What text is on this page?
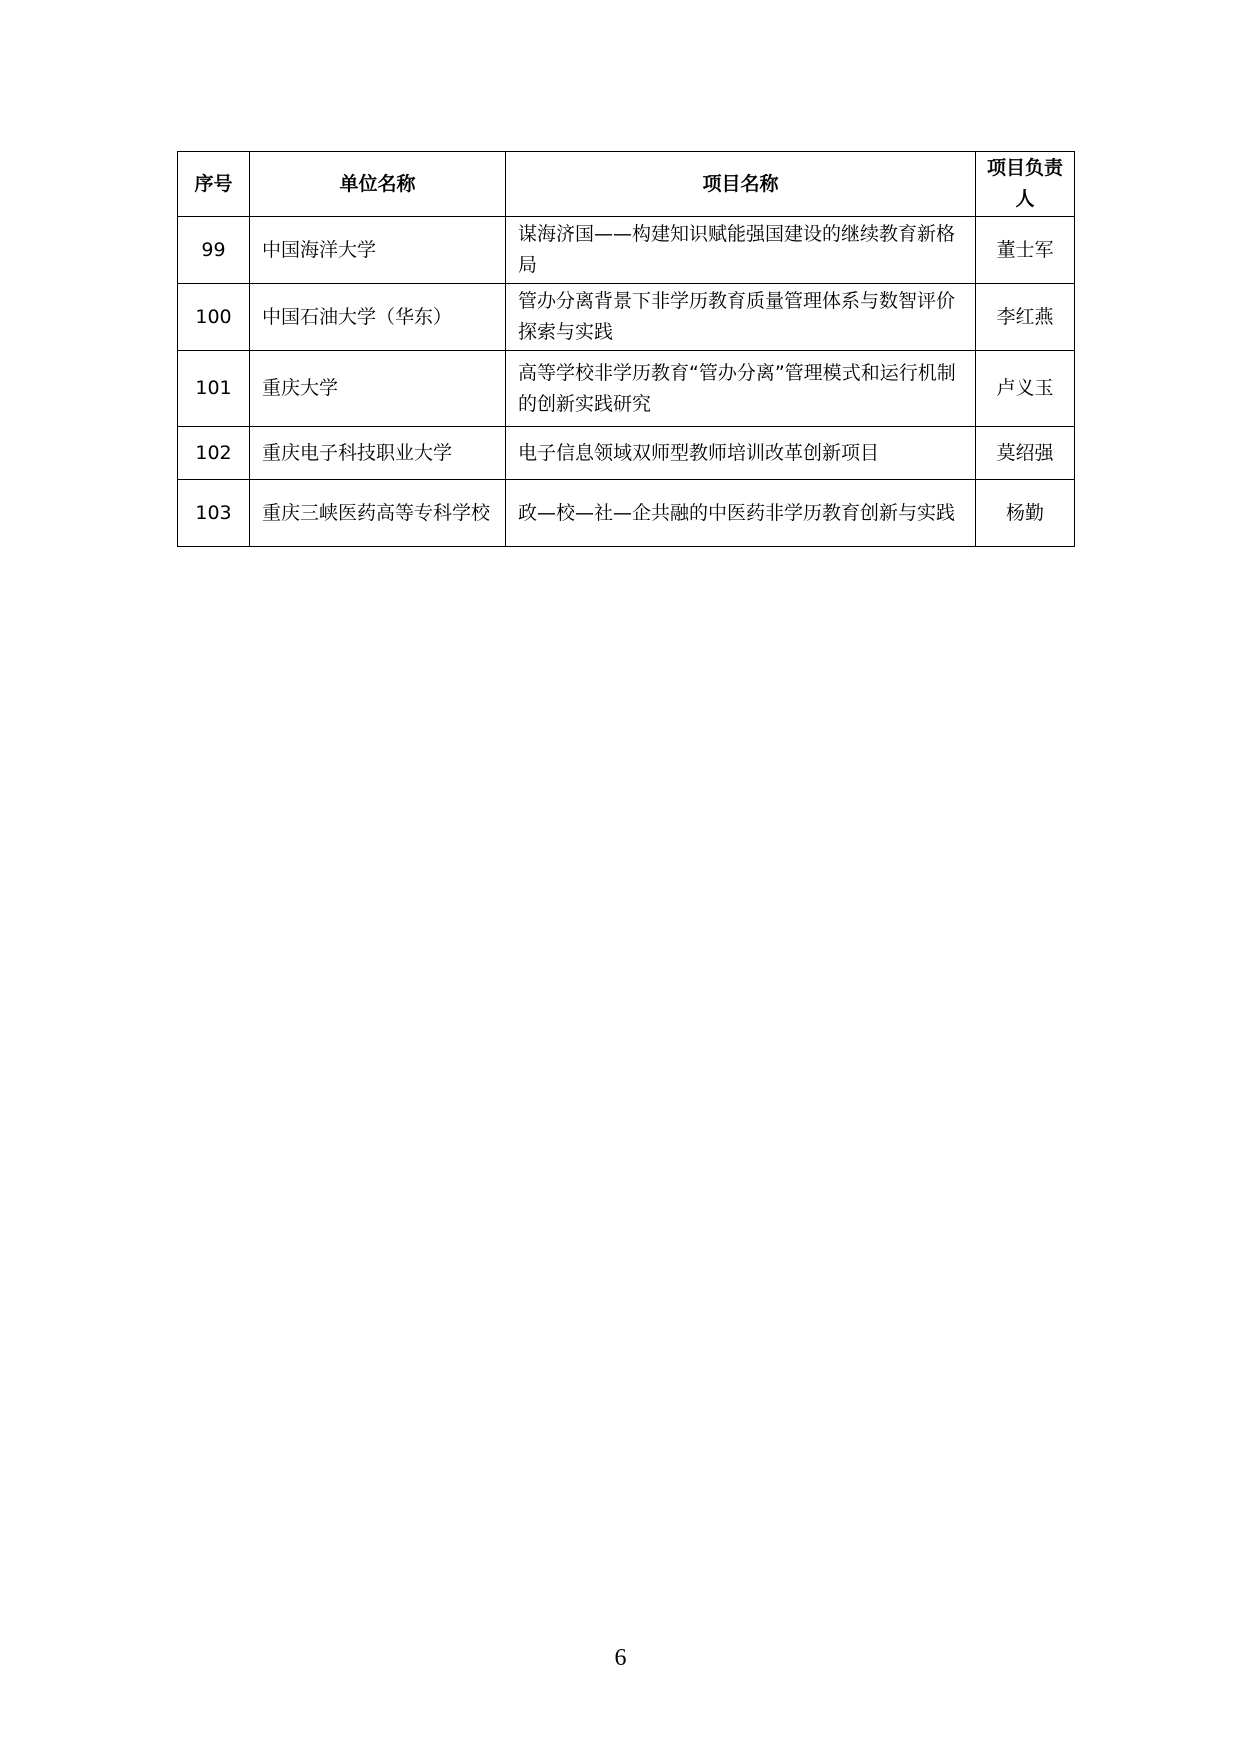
序号	单位名称	项目名称	项目负责人
99	中国海洋大学	谋海济国——构建知识赋能强国建设的继续教育新格局	董士军
100	中国石油大学（华东）	管办分离背景下非学历教育质量管理体系与数智评价探索与实践	李红燕
101	重庆大学	高等学校非学历教育“管办分离”管理模式和运行机制的创新实践研究	卢义玉
102	重庆电子科技职业大学	电子信息领域双师型教师培训改革创新项目	莫绍强
103	重庆三峡医药高等专科学校	政—校—社—企共融的中医药非学历教育创新与实践	杨勤
6
